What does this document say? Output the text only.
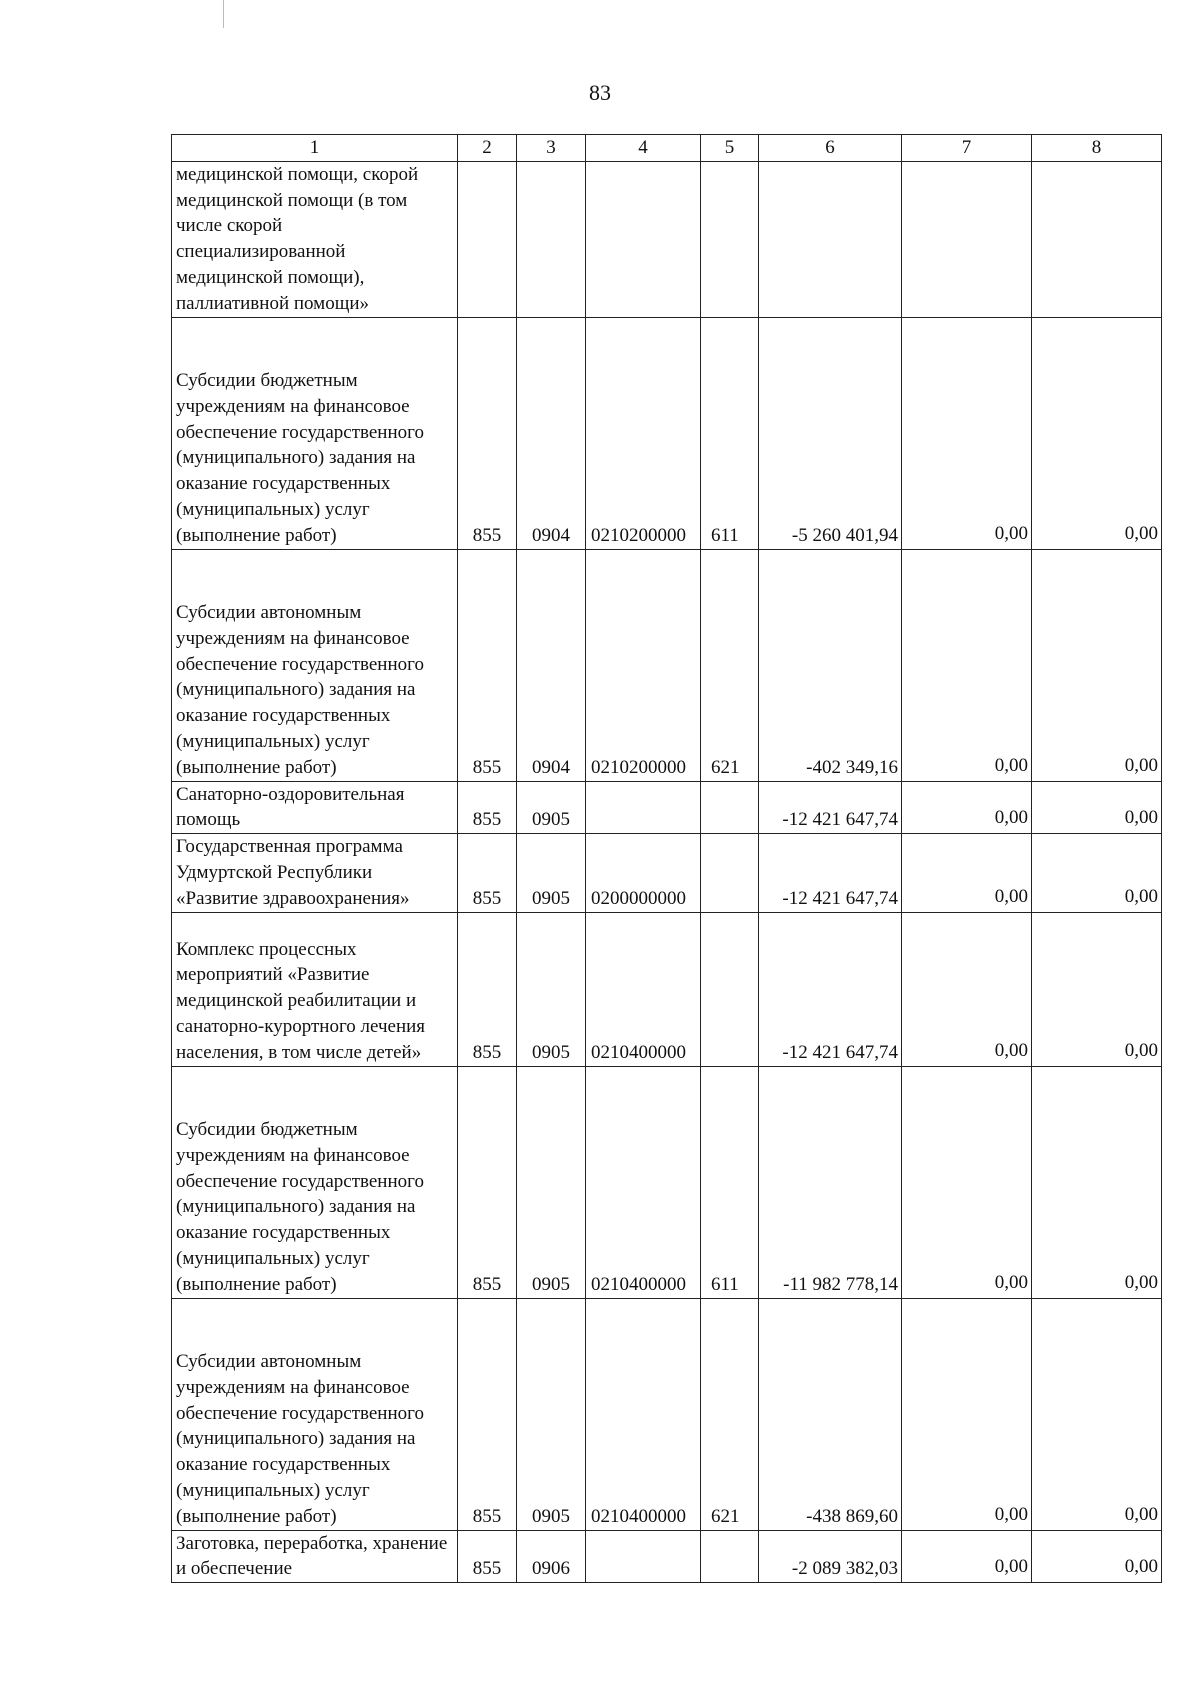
83
1	2	3	4	5	6	7	8
медицинской помощи, скорой медицинской помощи (в том числе скорой специализированной медицинской помощи), паллиативной помощи»							
Субсидии бюджетным учреждениям на финансовое обеспечение государственного (муниципального) задания на оказание государственных (муниципальных) услуг (выполнение работ)	855	0904	0210200000	611	-5 260 401,94	0,00	0,00
Субсидии автономным учреждениям на финансовое обеспечение государственного (муниципального) задания на оказание государственных (муниципальных) услуг (выполнение работ)	855	0904	0210200000	621	-402 349,16	0,00	0,00
Санаторно-оздоровительная помощь	855	0905			-12 421 647,74	0,00	0,00
Государственная программа Удмуртской Республики «Развитие здравоохранения»	855	0905	0200000000		-12 421 647,74	0,00	0,00
Комплекс процессных мероприятий «Развитие медицинской реабилитации и санаторно-курортного лечения населения, в том числе детей»	855	0905	0210400000		-12 421 647,74	0,00	0,00
Субсидии бюджетным учреждениям на финансовое обеспечение государственного (муниципального) задания на оказание государственных (муниципальных) услуг (выполнение работ)	855	0905	0210400000	611	-11 982 778,14	0,00	0,00
Субсидии автономным учреждениям на финансовое обеспечение государственного (муниципального) задания на оказание государственных (муниципальных) услуг (выполнение работ)	855	0905	0210400000	621	-438 869,60	0,00	0,00
Заготовка, переработка, хранение и обеспечение	855	0906			-2 089 382,03	0,00	0,00
